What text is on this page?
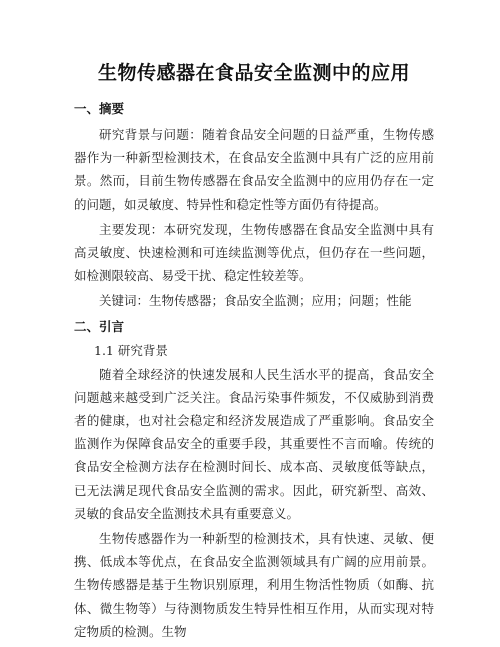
生物传感器在食品安全监测中的应用
一、摘要

研究背景与问题：随着食品安全问题的日益严重，生物传感器作为一种新型检测技术，在食品安全监测中具有广泛的应用前景。然而，目前生物传感器在食品安全监测中的应用仍存在一定的问题，如灵敏度、特异性和稳定性等方面仍有待提高。

主要发现：本研究发现，生物传感器在食品安全监测中具有高灵敏度、快速检测和可连续监测等优点，但仍存在一些问题，如检测限较高、易受干扰、稳定性较差等。

关键词：生物传感器；食品安全监测；应用；问题；性能

二、引言
1.1 研究背景

随着全球经济的快速发展和人民生活水平的提高，食品安全问题越来越受到广泛关注。食品污染事件频发，不仅威胁到消费者的健康，也对社会稳定和经济发展造成了严重影响。食品安全监测作为保障食品安全的重要手段，其重要性不言而喻。传统的食品安全检测方法存在检测时间长、成本高、灵敏度低等缺点，已无法满足现代食品安全监测的需求。因此，研究新型、高效、灵敏的食品安全监测技术具有重要意义。

生物传感器作为一种新型的检测技术，具有快速、灵敏、便携、低成本等优点，在食品安全监测领域具有广阔的应用前景。生物传感器是基于生物识别原理，利用生物活性物质（如酶、抗体、微生物等）与待测物质发生特异性相互作用，从而实现对特定物质的检测。生物
